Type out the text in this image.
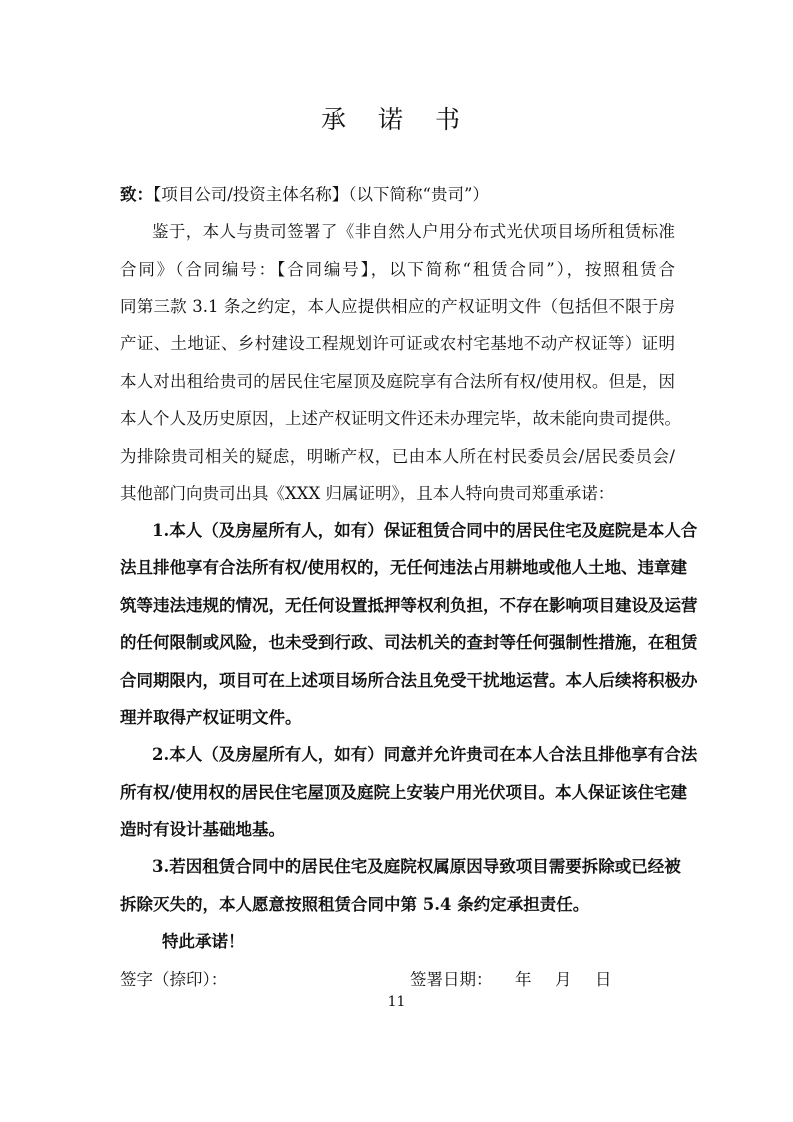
承 诺 书
致：【项目公司/投资主体名称】（以下简称“贵司”）
鉴于，本人与贵司签署了《非自然人户用分布式光伏项目场所租赁标准
合同》（合同编号：【合同编号】，以下简称“租赁合同”），按照租赁合
同第三款 3.1 条之约定，本人应提供相应的产权证明文件（包括但不限于房
产证、土地证、乡村建设工程规划许可证或农村宅基地不动产权证等）证明
本人对出租给贵司的居民住宅屋顶及庭院享有合法所有权/使用权。但是，因
本人个人及历史原因，上述产权证明文件还未办理完毕，故未能向贵司提供。
为排除贵司相关的疑虑，明晰产权，已由本人所在村民委员会/居民委员会/
其他部门向贵司出具《XXX 归属证明》，且本人特向贵司郑重承诺：
1.本人（及房屋所有人，如有）保证租赁合同中的居民住宅及庭院是本人合
法且排他享有合法所有权/使用权的，无任何违法占用耕地或他人土地、违章建
筑等违法违规的情况，无任何设置抵押等权利负担，不存在影响项目建设及运营
的任何限制或风险，也未受到行政、司法机关的查封等任何强制性措施，在租赁
合同期限内，项目可在上述项目场所合法且免受干扰地运营。本人后续将积极办
理并取得产权证明文件。
2.本人（及房屋所有人，如有）同意并允许贵司在本人合法且排他享有合法
所有权/使用权的居民住宅屋顶及庭院上安装户用光伏项目。本人保证该住宅建
造时有设计基础地基。
3.若因租赁合同中的居民住宅及庭院权属原因导致项目需要拆除或已经被
拆除灭失的，本人愿意按照租赁合同中第 5.4 条约定承担责任。
特此承诺！
签字（捺印）：	签署日期： 年 月 日
11
